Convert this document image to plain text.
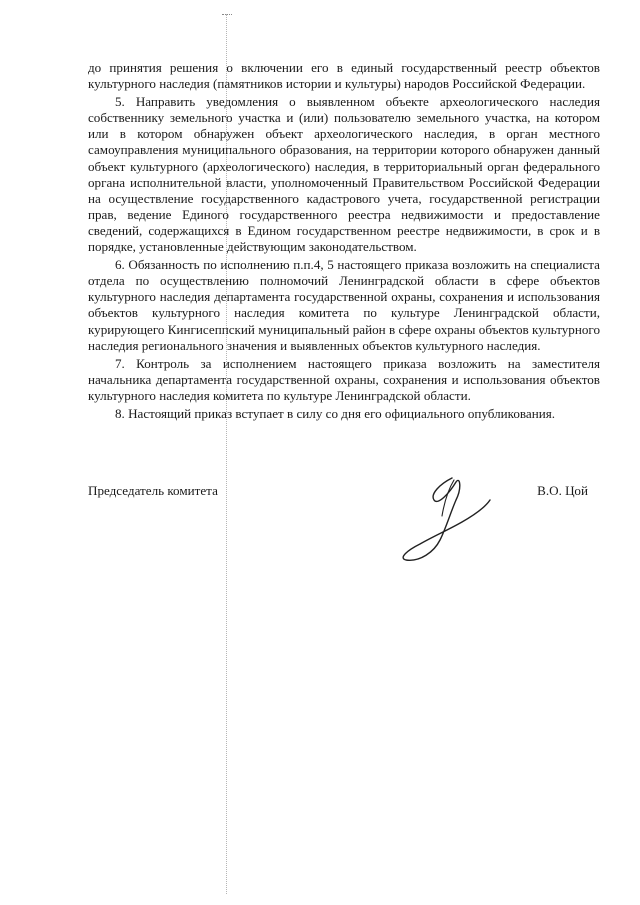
до принятия решения о включении его в единый государственный реестр объектов культурного наследия (памятников истории и культуры) народов Российской Федерации.

5. Направить уведомления о выявленном объекте археологического наследия собственнику земельного участка и (или) пользователю земельного участка, на котором или в котором обнаружен объект археологического наследия, в орган местного самоуправления муниципального образования, на территории которого обнаружен данный объект культурного (археологического) наследия, в территориальный орган федерального органа исполнительной власти, уполномоченный Правительством Российской Федерации на осуществление государственного кадастрового учета, государственной регистрации прав, ведение Единого государственного реестра недвижимости и предоставление сведений, содержащихся в Едином государственном реестре недвижимости, в срок и в порядке, установленные действующим законодательством.

6. Обязанность по исполнению п.п.4, 5 настоящего приказа возложить на специалиста отдела по осуществлению полномочий Ленинградской области в сфере объектов культурного наследия департамента государственной охраны, сохранения и использования объектов культурного наследия комитета по культуре Ленинградской области, курирующего Кингисеппский муниципальный район в сфере охраны объектов культурного наследия регионального значения и выявленных объектов культурного наследия.

7. Контроль за исполнением настоящего приказа возложить на заместителя начальника департамента государственной охраны, сохранения и использования объектов культурного наследия комитета по культуре Ленинградской области.

8. Настоящий приказ вступает в силу со дня его официального опубликования.

Председатель комитета	В.О. Цой
